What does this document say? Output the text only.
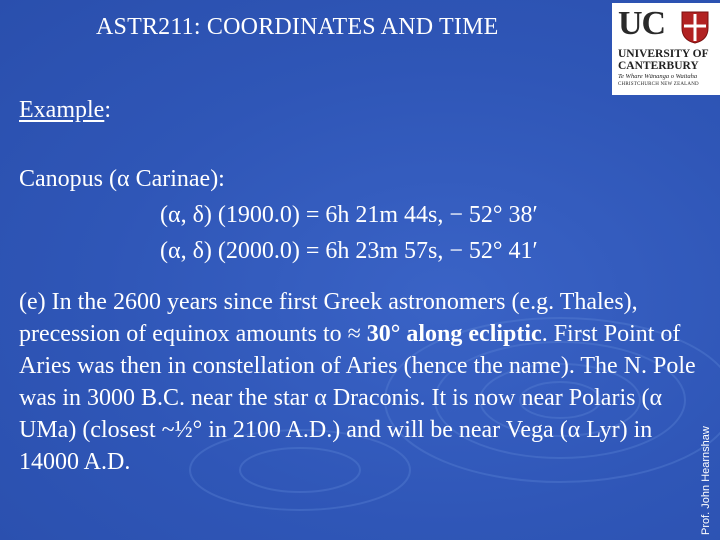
ASTR211: COORDINATES AND TIME	UC
UNIVERSITY OF
CANTERBURY
Te Whare Wānanga o Waitaha
CHRISTCHURCH NEW ZEALAND
Example:
Canopus (α Carinae):
(α, δ) (1900.0) = 6h 21m 44s, − 52° 38′
(α, δ) (2000.0) = 6h 23m 57s, − 52° 41′
(e) In the 2600 years since first Greek astronomers (e.g. Thales), precession of equinox amounts to ≈ 30° along ecliptic. First Point of Aries was then in constellation of Aries (hence the name). The N. Pole was in 3000 B.C. near the star α Draconis. It is now near Polaris (α UMa) (closest ~½° in 2100 A.D.) and will be near Vega (α Lyr) in 14000 A.D.	Prof. John Hearnshaw
